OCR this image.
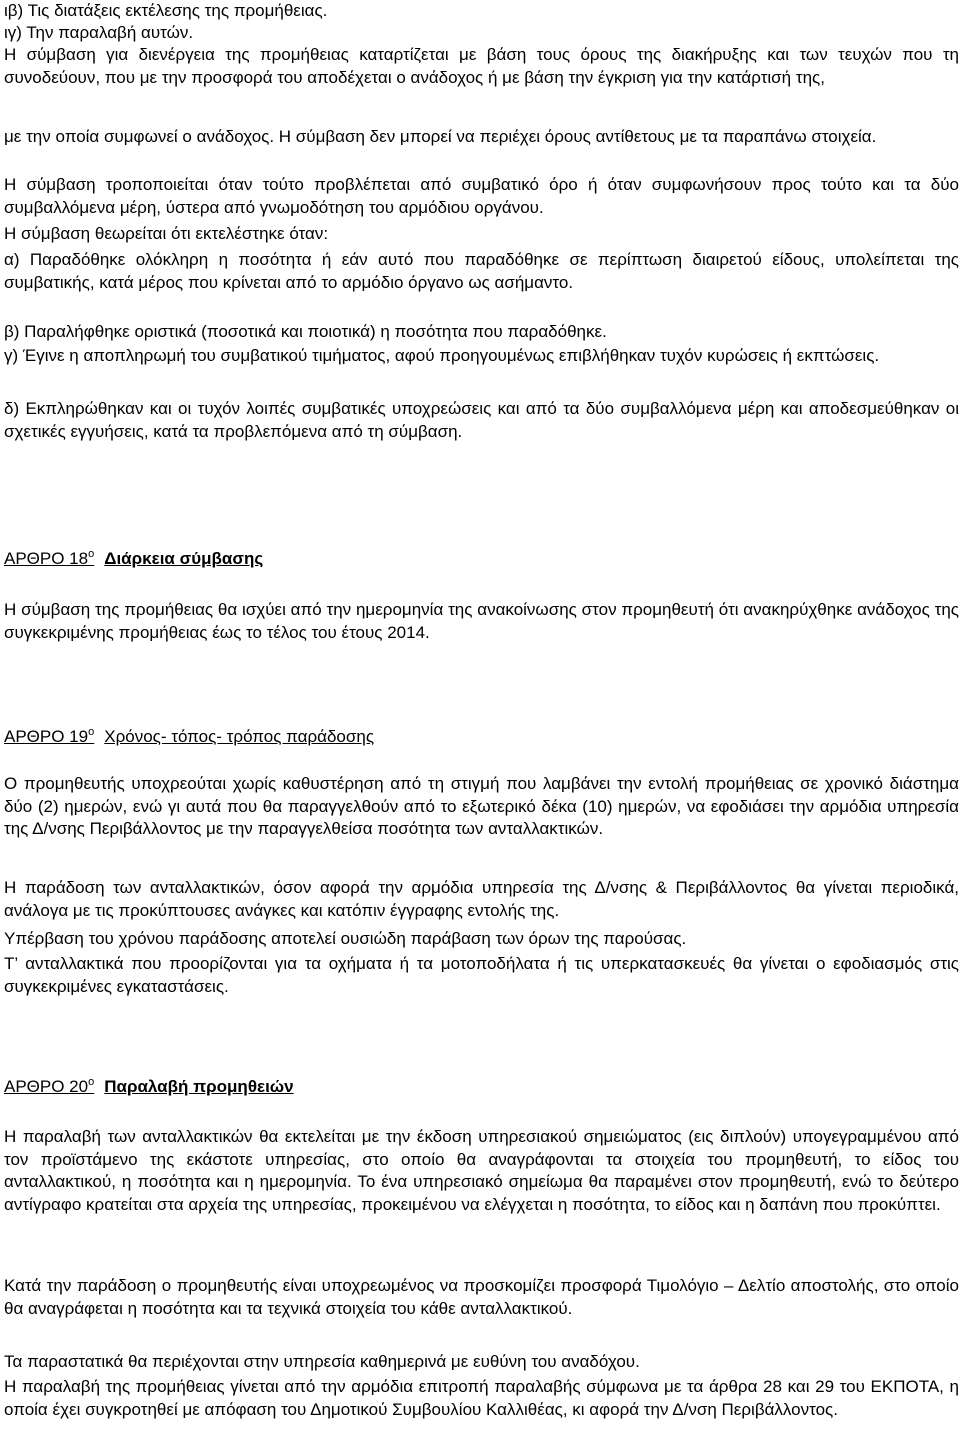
ιβ) Τις διατάξεις εκτέλεσης της προμήθειας.

ιγ) Την παραλαβή αυτών.

Η σύμβαση για διενέργεια της προμήθειας καταρτίζεται με βάση τους όρους της διακήρυξης και των τευχών που τη συνοδεύουν, που με την προσφορά του αποδέχεται ο ανάδοχος ή με βάση την έγκριση για την κατάρτισή της,

με την οποία συμφωνεί ο ανάδοχος. Η σύμβαση δεν μπορεί να περιέχει όρους αντίθετους με τα παραπάνω στοιχεία.

Η σύμβαση τροποποιείται όταν τούτο προβλέπεται από συμβατικό όρο ή όταν συμφωνήσουν προς τούτο και τα δύο συμβαλλόμενα μέρη, ύστερα από γνωμοδότηση του αρμόδιου οργάνου.

Η σύμβαση θεωρείται ότι εκτελέστηκε όταν:

α) Παραδόθηκε ολόκληρη η ποσότητα ή εάν αυτό που παραδόθηκε σε περίπτωση διαιρετού είδους, υπολείπεται της συμβατικής, κατά μέρος που κρίνεται από το αρμόδιο όργανο ως ασήμαντο.

β) Παραλήφθηκε οριστικά (ποσοτικά και ποιοτικά) η ποσότητα που παραδόθηκε.

γ) Έγινε η αποπληρωμή του συμβατικού τιμήματος, αφού προηγουμένως επιβλήθηκαν τυχόν κυρώσεις ή εκπτώσεις.

δ) Εκπληρώθηκαν και οι τυχόν λοιπές συμβατικές υποχρεώσεις και από τα δύο συμβαλλόμενα μέρη και αποδεσμεύθηκαν οι σχετικές εγγυήσεις, κατά τα προβλεπόμενα από τη σύμβαση.

ΑΡΘΡΟ $18^o$ Διάρκεια σύμβασης

Η σύμβαση της προμήθειας θα ισχύει από την ημερομηνία της ανακοίνωσης στον προμηθευτή ότι ανακηρύχθηκε ανάδοχος της συγκεκριμένης προμήθειας έως το τέλος του έτους 2014.

ΑΡΘΡΟ $19^o$ Χρόνος- τόπος- τρόπος παράδοσης

Ο προμηθευτής υποχρεούται χωρίς καθυστέρηση από τη στιγμή που λαμβάνει την εντολή προμήθειας σε χρονικό διάστημα δύο (2) ημερών, ενώ γι αυτά που θα παραγγελθούν από το εξωτερικό δέκα (10) ημερών, να εφοδιάσει την αρμόδια υπηρεσία της Δ/νσης Περιβάλλοντος με την παραγγελθείσα ποσότητα των ανταλλακτικών.

Η παράδοση των ανταλλακτικών, όσον αφορά την αρμόδια υπηρεσία της Δ/νσης & Περιβάλλοντος θα γίνεται περιοδικά, ανάλογα με τις προκύπτουσες ανάγκες και κατόπιν έγγραφης εντολής της.

Υπέρβαση του χρόνου παράδοσης αποτελεί ουσιώδη παράβαση των όρων της παρούσας.

Τ’ ανταλλακτικά που προορίζονται για τα οχήματα ή τα μοτοποδήλατα ή τις υπερκατασκευές θα γίνεται ο εφοδιασμός στις συγκεκριμένες εγκαταστάσεις.

ΑΡΘΡΟ $20^o$ Παραλαβή προμηθειών

Η παραλαβή των ανταλλακτικών θα εκτελείται με την έκδοση υπηρεσιακού σημειώματος (εις διπλούν) υπογεγραμμένου από τον προϊστάμενο της εκάστοτε υπηρεσίας, στο οποίο θα αναγράφονται τα στοιχεία του προμηθευτή, το είδος του ανταλλακτικού, η ποσότητα και η ημερομηνία. Το ένα υπηρεσιακό σημείωμα θα παραμένει στον προμηθευτή, ενώ το δεύτερο αντίγραφο κρατείται στα αρχεία της υπηρεσίας, προκειμένου να ελέγχεται η ποσότητα, το είδος και η δαπάνη που προκύπτει.

Κατά την παράδοση ο προμηθευτής είναι υποχρεωμένος να προσκομίζει προσφορά Τιμολόγιο – Δελτίο αποστολής, στο οποίο θα αναγράφεται η ποσότητα και τα τεχνικά στοιχεία του κάθε ανταλλακτικού.

Τα παραστατικά θα περιέχονται στην υπηρεσία καθημερινά με ευθύνη του αναδόχου.

Η παραλαβή της προμήθειας γίνεται από την αρμόδια επιτροπή παραλαβής σύμφωνα με τα άρθρα 28 και 29 του ΕΚΠΟΤΑ, η οποία έχει συγκροτηθεί με απόφαση του Δημοτικού Συμβουλίου Καλλιθέας, κι αφορά την Δ/νση Περιβάλλοντος.
